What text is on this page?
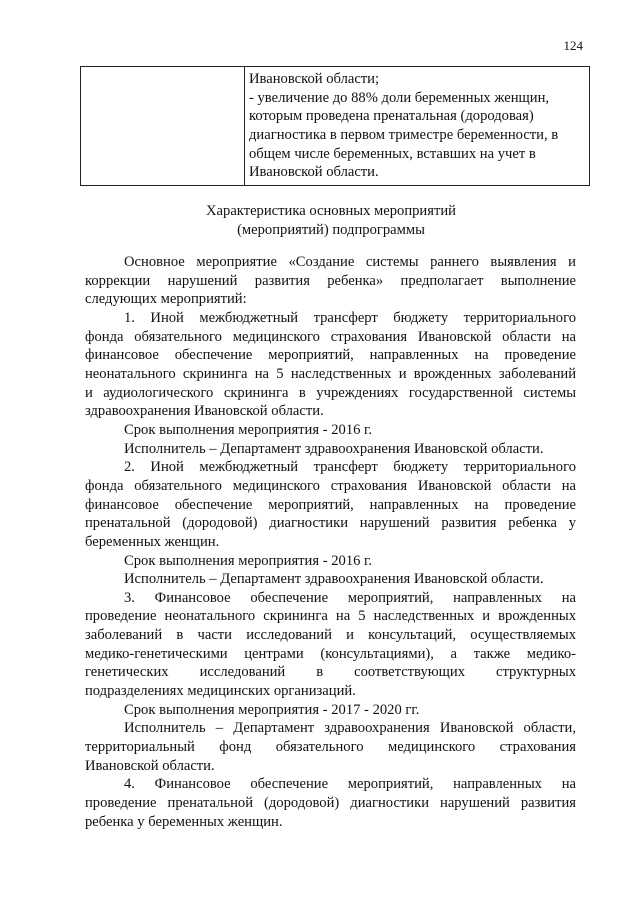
124

Ивановской области;
- увеличение до 88% доли беременных женщин,
которым проведена пренатальная (дородовая)
диагностика в первом триместре беременности, в
общем числе беременных, вставших на учет в
Ивановской области.
Характеристика основных мероприятий
(мероприятий) подпрограммы
Основное мероприятие «Создание системы раннего выявления и
коррекции нарушений развития ребенка» предполагает выполнение
следующих мероприятий:
1. Иной межбюджетный трансферт бюджету территориального
фонда обязательного медицинского страхования Ивановской области на
финансовое обеспечение мероприятий, направленных на проведение
неонатального скрининга на 5 наследственных и врожденных заболеваний
и аудиологического скрининга в учреждениях государственной системы
здравоохранения Ивановской области.
Срок выполнения мероприятия - 2016 г.
Исполнитель – Департамент здравоохранения Ивановской области.
2. Иной межбюджетный трансферт бюджету территориального
фонда обязательного медицинского страхования Ивановской области на
финансовое обеспечение мероприятий, направленных на проведение
пренатальной (дородовой) диагностики нарушений развития ребенка у
беременных женщин.
Срок выполнения мероприятия - 2016 г.
Исполнитель – Департамент здравоохранения Ивановской области.
3. Финансовое обеспечение мероприятий, направленных на
проведение неонатального скрининга на 5 наследственных и врожденных
заболеваний в части исследований и консультаций, осуществляемых
медико-генетическими центрами (консультациями), а также медико-
генетических исследований в соответствующих структурных
подразделениях медицинских организаций.
Срок выполнения мероприятия - 2017 - 2020 гг.
Исполнитель – Департамент здравоохранения Ивановской области,
территориальный фонд обязательного медицинского страхования
Ивановской области.
4. Финансовое обеспечение мероприятий, направленных на
проведение пренатальной (дородовой) диагностики нарушений развития
ребенка у беременных женщин.
